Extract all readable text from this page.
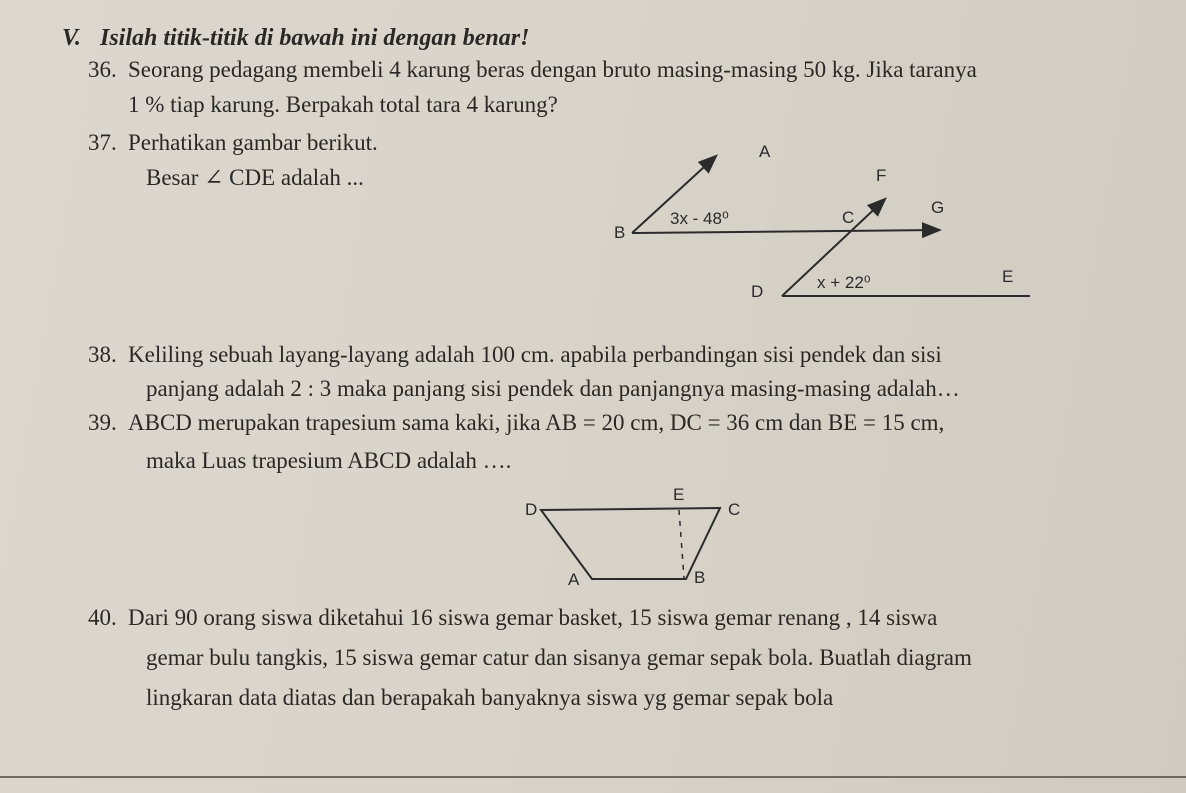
V. Isilah titik-titik di bawah ini dengan benar!
36. Seorang pedagang membeli 4 karung beras dengan bruto masing-masing 50 kg. Jika taranya
1 % tiap karung. Berpakah total tara 4 karung?
37. Perhatikan gambar berikut.
Besar ∠ CDE adalah ...
A
F
G
B
C
D
E
3x - 48⁰
x + 22⁰
38. Keliling sebuah layang-layang adalah 100 cm. apabila perbandingan sisi pendek dan sisi
panjang adalah 2 : 3 maka panjang sisi pendek dan panjangnya masing-masing adalah…
39. ABCD merupakan trapesium sama kaki, jika AB = 20 cm, DC = 36 cm dan BE = 15 cm,
maka Luas trapesium ABCD adalah ….
D
E
C
A	B
40. Dari 90 orang siswa diketahui 16 siswa gemar basket, 15 siswa gemar renang , 14 siswa
gemar bulu tangkis, 15 siswa gemar catur dan sisanya gemar sepak bola. Buatlah diagram
lingkaran data diatas dan berapakah banyaknya siswa yg gemar sepak bola
